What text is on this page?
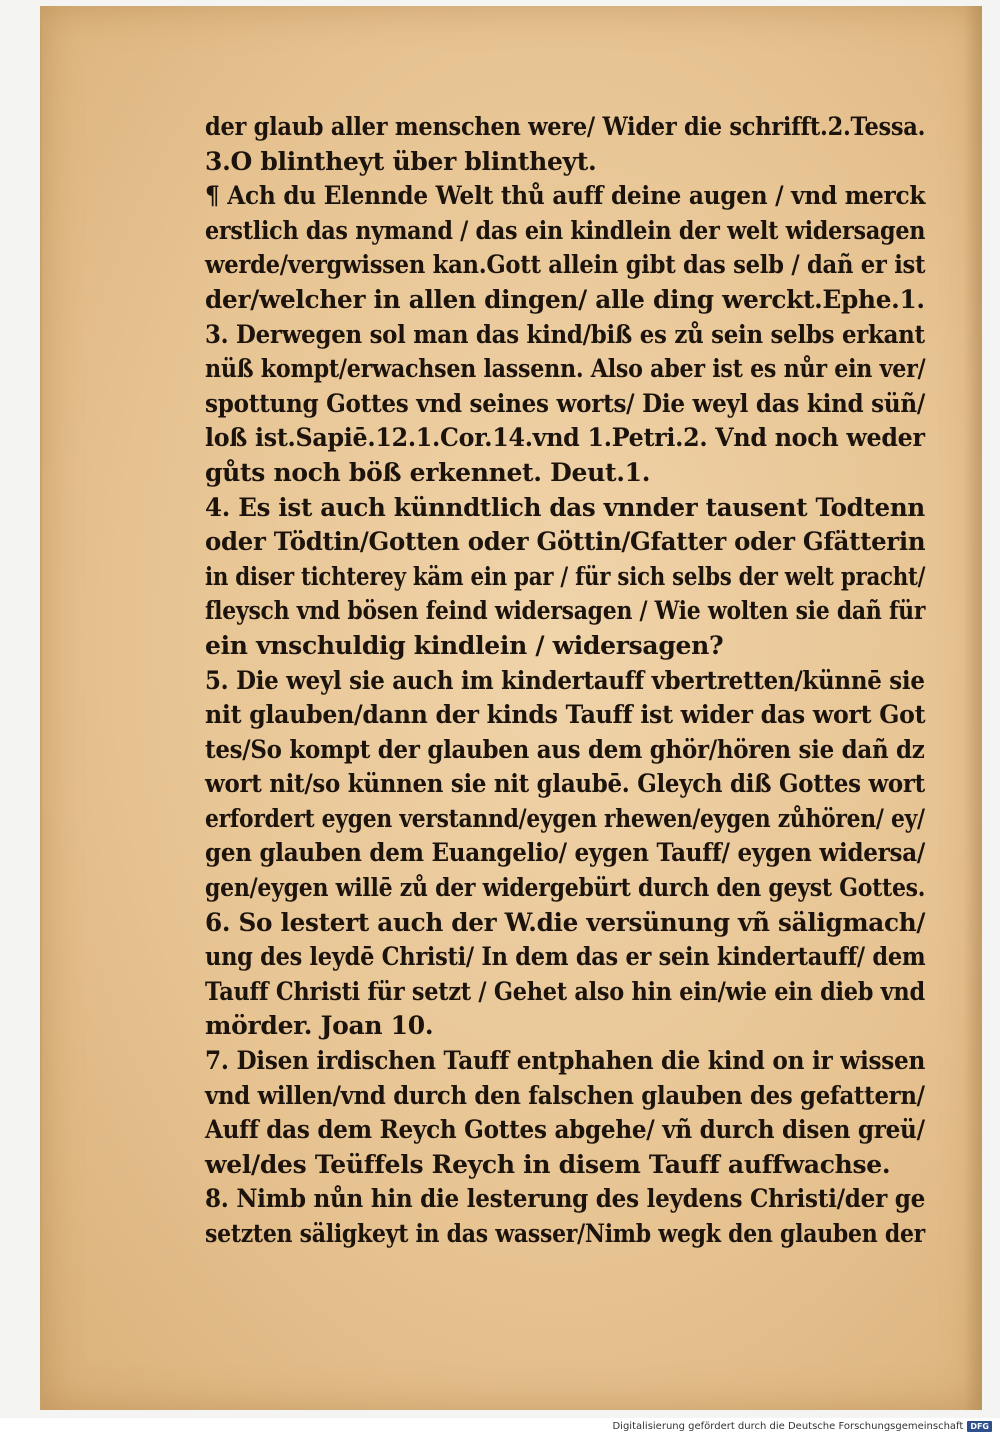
der glaub aller menschen were/ Wider die schrifft.2.Tessa.
3.O blintheyt über blintheyt.
¶ Ach du Elennde Welt thů auff deine augen / vnd merck
erstlich das nymand / das ein kindlein der welt widersagen
werde/vergwissen kan.Gott allein gibt das selb / dañ er ist
der/welcher in allen dingen/ alle ding werckt.Ephe.1.
3. Derwegen sol man das kind/biß es zů sein selbs erkant
nüß kompt/erwachsen lassenn. Also aber ist es nůr ein ver/
spottung Gottes vnd seines worts/ Die weyl das kind süñ/
loß ist.Sapiē.12.1.Cor.14.vnd 1.Petri.2. Vnd noch weder
gůts noch böß erkennet. Deut.1.
4. Es ist auch künndtlich das vnnder tausent Todtenn
oder Tödtin/Gotten oder Göttin/Gfatter oder Gfätterin
in diser tichterey käm ein par / für sich selbs der welt pracht/
fleysch vnd bösen feind widersagen / Wie wolten sie dañ für
ein vnschuldig kindlein / widersagen?
5. Die weyl sie auch im kindertauff vbertretten/künnē sie
nit glauben/dann der kinds Tauff ist wider das wort Got
tes/So kompt der glauben aus dem ghör/hören sie dañ dz
wort nit/so künnen sie nit glaubē. Gleych diß Gottes wort
erfordert eygen verstannd/eygen rhewen/eygen zůhören/ ey/
gen glauben dem Euangelio/ eygen Tauff/ eygen widersa/
gen/eygen willē zů der widergebürt durch den geyst Gottes.
6. So lestert auch der W.die versünung vñ säligmach/
ung des leydē Christi/ In dem das er sein kindertauff/ dem
Tauff Christi für setzt / Gehet also hin ein/wie ein dieb vnd
mörder. Joan 10.
7. Disen irdischen Tauff entphahen die kind on ir wissen
vnd willen/vnd durch den falschen glauben des gefattern/
Auff das dem Reych Gottes abgehe/ vñ durch disen greü/
wel/des Teüffels Reych in disem Tauff auffwachse.
8. Nimb nůn hin die lesterung des leydens Christi/der ge
setzten säligkeyt in das wasser/Nimb wegk den glauben der
Digitalisierung gefördert durch die Deutsche Forschungsgemeinschaft DFG
